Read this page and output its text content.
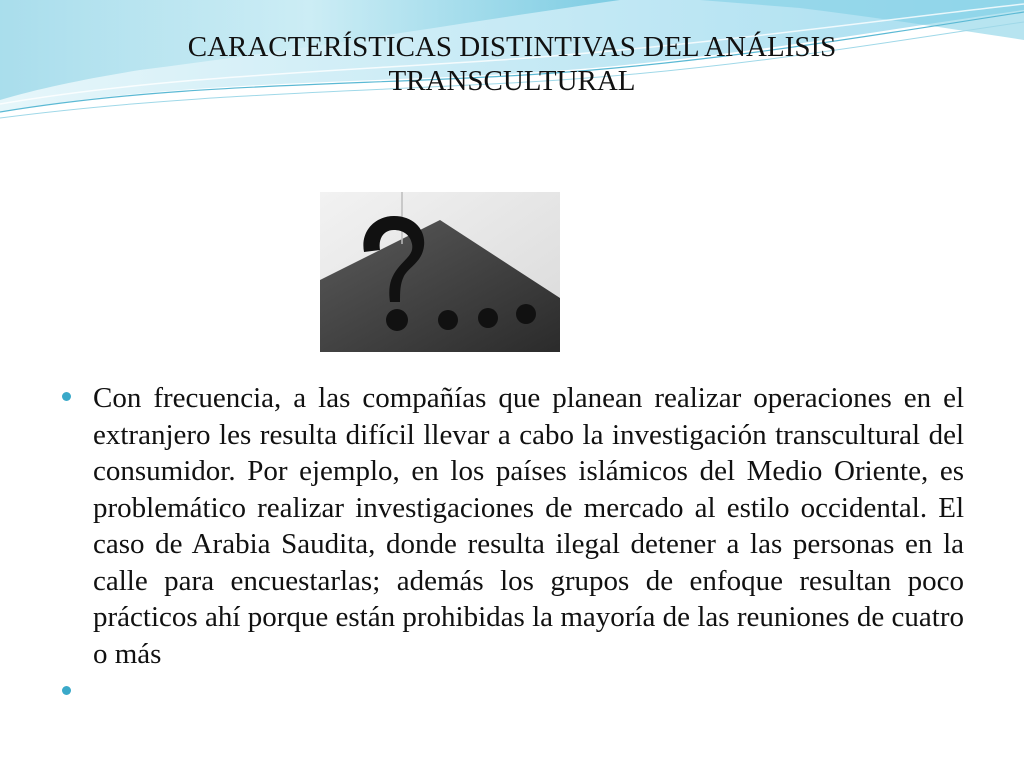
CARACTERÍSTICAS DISTINTIVAS DEL ANÁLISIS
TRANSCULTURAL
Con frecuencia, a las compañías que planean realizar operaciones en el extranjero les resulta difícil llevar a cabo la investigación transcultural del consumidor. Por ejemplo, en los países islámicos del Medio Oriente, es problemático realizar investigaciones de mercado al estilo occidental. El caso de Arabia Saudita, donde resulta ilegal detener a las personas en la calle para encuestarlas; además los grupos de enfoque resultan poco prácticos ahí porque están prohibidas la mayoría de las reuniones de cuatro o más
